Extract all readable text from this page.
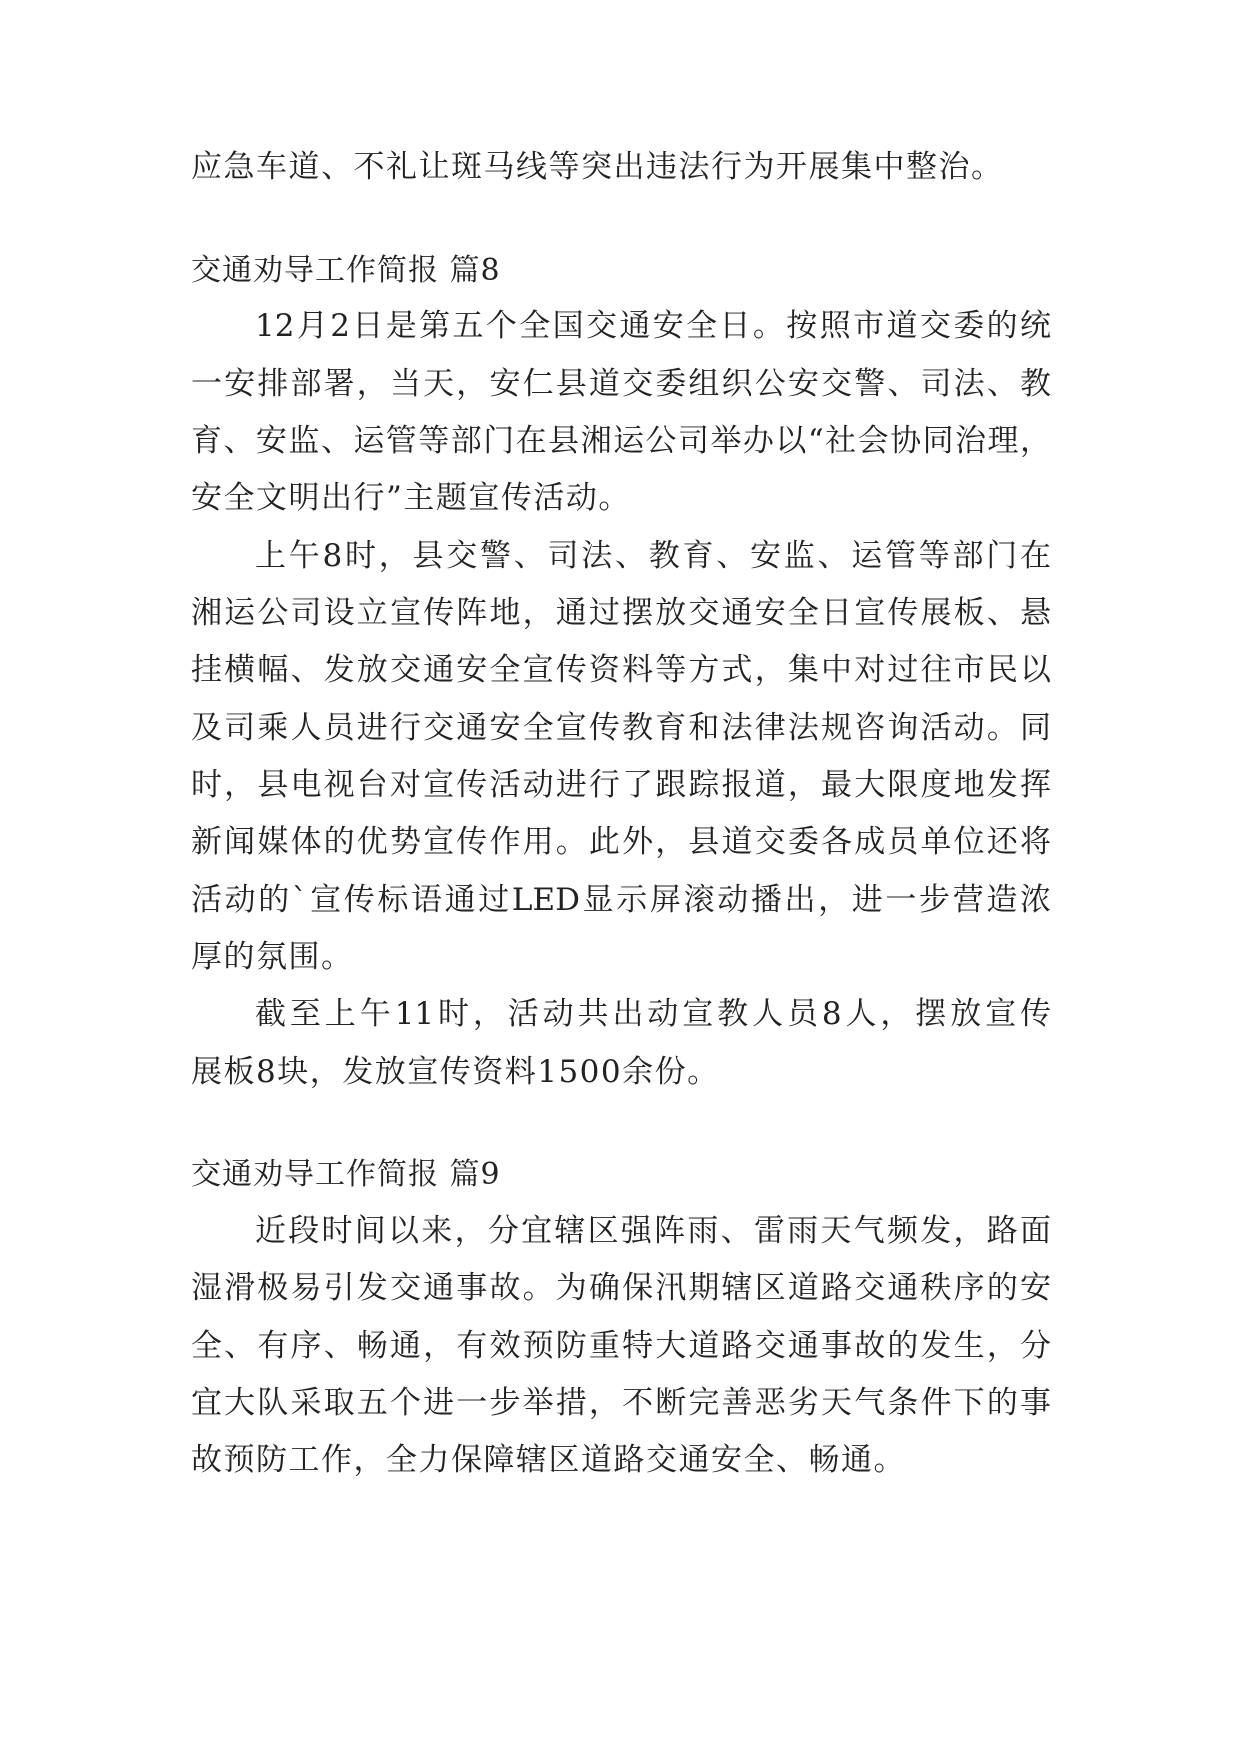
应急车道、不礼让斑马线等突出违法行为开展集中整治。
交通劝导工作简报 篇8
12月2日是第五个全国交通安全日。按照市道交委的统
一安排部署，当天，安仁县道交委组织公安交警、司法、教
育、安监、运管等部门在县湘运公司举办以“社会协同治理，
安全文明出行”主题宣传活动。
上午8时，县交警、司法、教育、安监、运管等部门在
湘运公司设立宣传阵地，通过摆放交通安全日宣传展板、悬
挂横幅、发放交通安全宣传资料等方式，集中对过往市民以
及司乘人员进行交通安全宣传教育和法律法规咨询活动。同
时，县电视台对宣传活动进行了跟踪报道，最大限度地发挥
新闻媒体的优势宣传作用。此外，县道交委各成员单位还将
活动的`宣传标语通过LED显示屏滚动播出，进一步营造浓
厚的氛围。
截至上午11时，活动共出动宣教人员8人，摆放宣传
展板8块，发放宣传资料1500余份。
交通劝导工作简报 篇9
近段时间以来，分宜辖区强阵雨、雷雨天气频发，路面
湿滑极易引发交通事故。为确保汛期辖区道路交通秩序的安
全、有序、畅通，有效预防重特大道路交通事故的发生，分
宜大队采取五个进一步举措，不断完善恶劣天气条件下的事
故预防工作，全力保障辖区道路交通安全、畅通。
